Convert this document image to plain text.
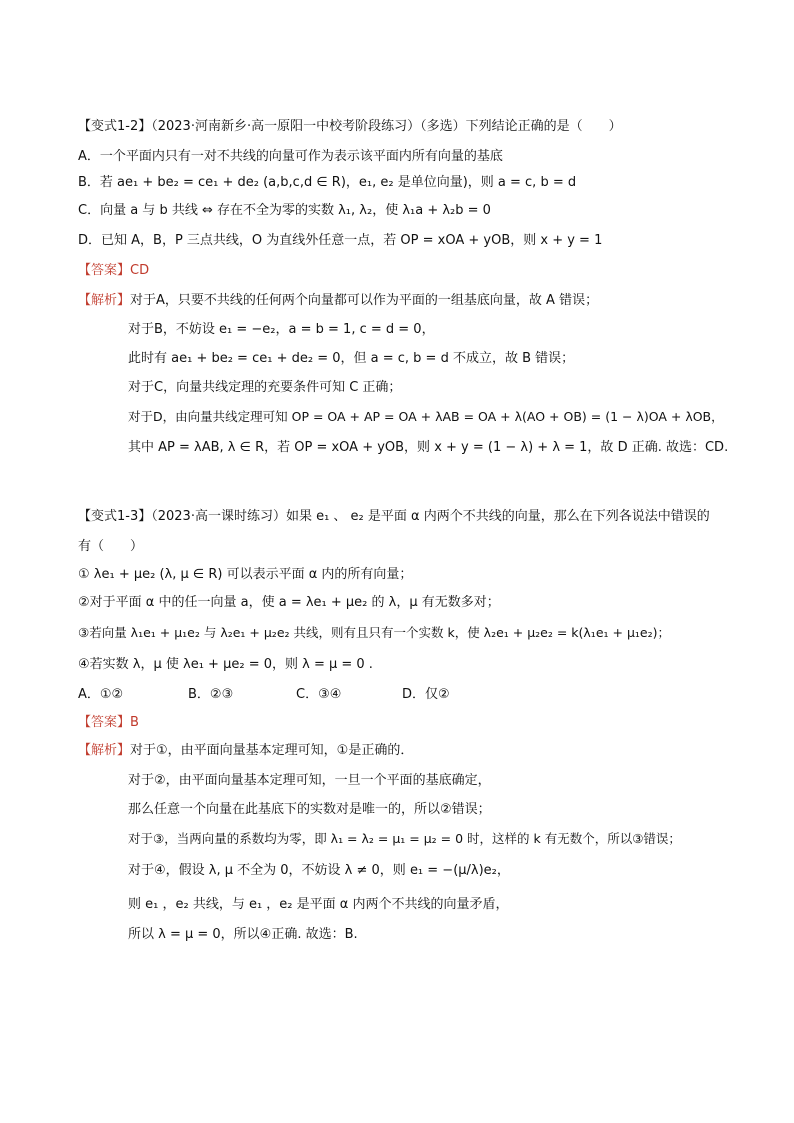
【变式1-2】（2023·河南新乡·高一原阳一中校考阶段练习）（多选）下列结论正确的是（　　）
A．一个平面内只有一对不共线的向量可作为表示该平面内所有向量的基底
B．若 ae₁ + be₂ = ce₁ + de₂ (a,b,c,d ∈ R)，e₁, e₂ 是单位向量)，则 a = c, b = d
C．向量 a 与 b 共线 ⇔ 存在不全为零的实数 λ₁, λ₂，使 λ₁a + λ₂b = 0
D．已知 A，B，P 三点共线，O 为直线外任意一点，若 OP = xOA + yOB，则 x + y = 1
【答案】CD
【解析】对于A，只要不共线的任何两个向量都可以作为平面的一组基底向量，故 A 错误；
对于B，不妨设 e₁ = −e₂，a = b = 1, c = d = 0，
此时有 ae₁ + be₂ = ce₁ + de₂ = 0，但 a = c, b = d 不成立，故 B 错误；
对于C，向量共线定理的充要条件可知 C 正确；
对于D，由向量共线定理可知 OP = OA + AP = OA + λAB = OA + λ(AO + OB) = (1 − λ)OA + λOB，
其中 AP = λAB, λ ∈ R，若 OP = xOA + yOB，则 x + y = (1 − λ) + λ = 1，故 D 正确. 故选：CD.
【变式1-3】（2023·高一课时练习）如果 e₁ 、 e₂ 是平面 α 内两个不共线的向量，那么在下列各说法中错误的
有（　　）
① λe₁ + μe₂ (λ, μ ∈ R) 可以表示平面 α 内的所有向量；
②对于平面 α 中的任一向量 a，使 a = λe₁ + μe₂ 的 λ，μ 有无数多对；
③若向量 λ₁e₁ + μ₁e₂ 与 λ₂e₁ + μ₂e₂ 共线，则有且只有一个实数 k，使 λ₂e₁ + μ₂e₂ = k(λ₁e₁ + μ₁e₂)；
④若实数 λ，μ 使 λe₁ + μe₂ = 0，则 λ = μ = 0 .
A．①②	B．②③	C．③④	D．仅②
【答案】B
【解析】对于①，由平面向量基本定理可知，①是正确的．
对于②，由平面向量基本定理可知，一旦一个平面的基底确定，
那么任意一个向量在此基底下的实数对是唯一的，所以②错误；
对于③，当两向量的系数均为零，即 λ₁ = λ₂ = μ₁ = μ₂ = 0 时，这样的 k 有无数个，所以③错误；
对于④，假设 λ, μ 不全为 0，不妨设 λ ≠ 0，则 e₁ = −(μ/λ)e₂，
则 e₁ ，e₂ 共线，与 e₁ ，e₂ 是平面 α 内两个不共线的向量矛盾，
所以 λ = μ = 0，所以④正确. 故选：B.
